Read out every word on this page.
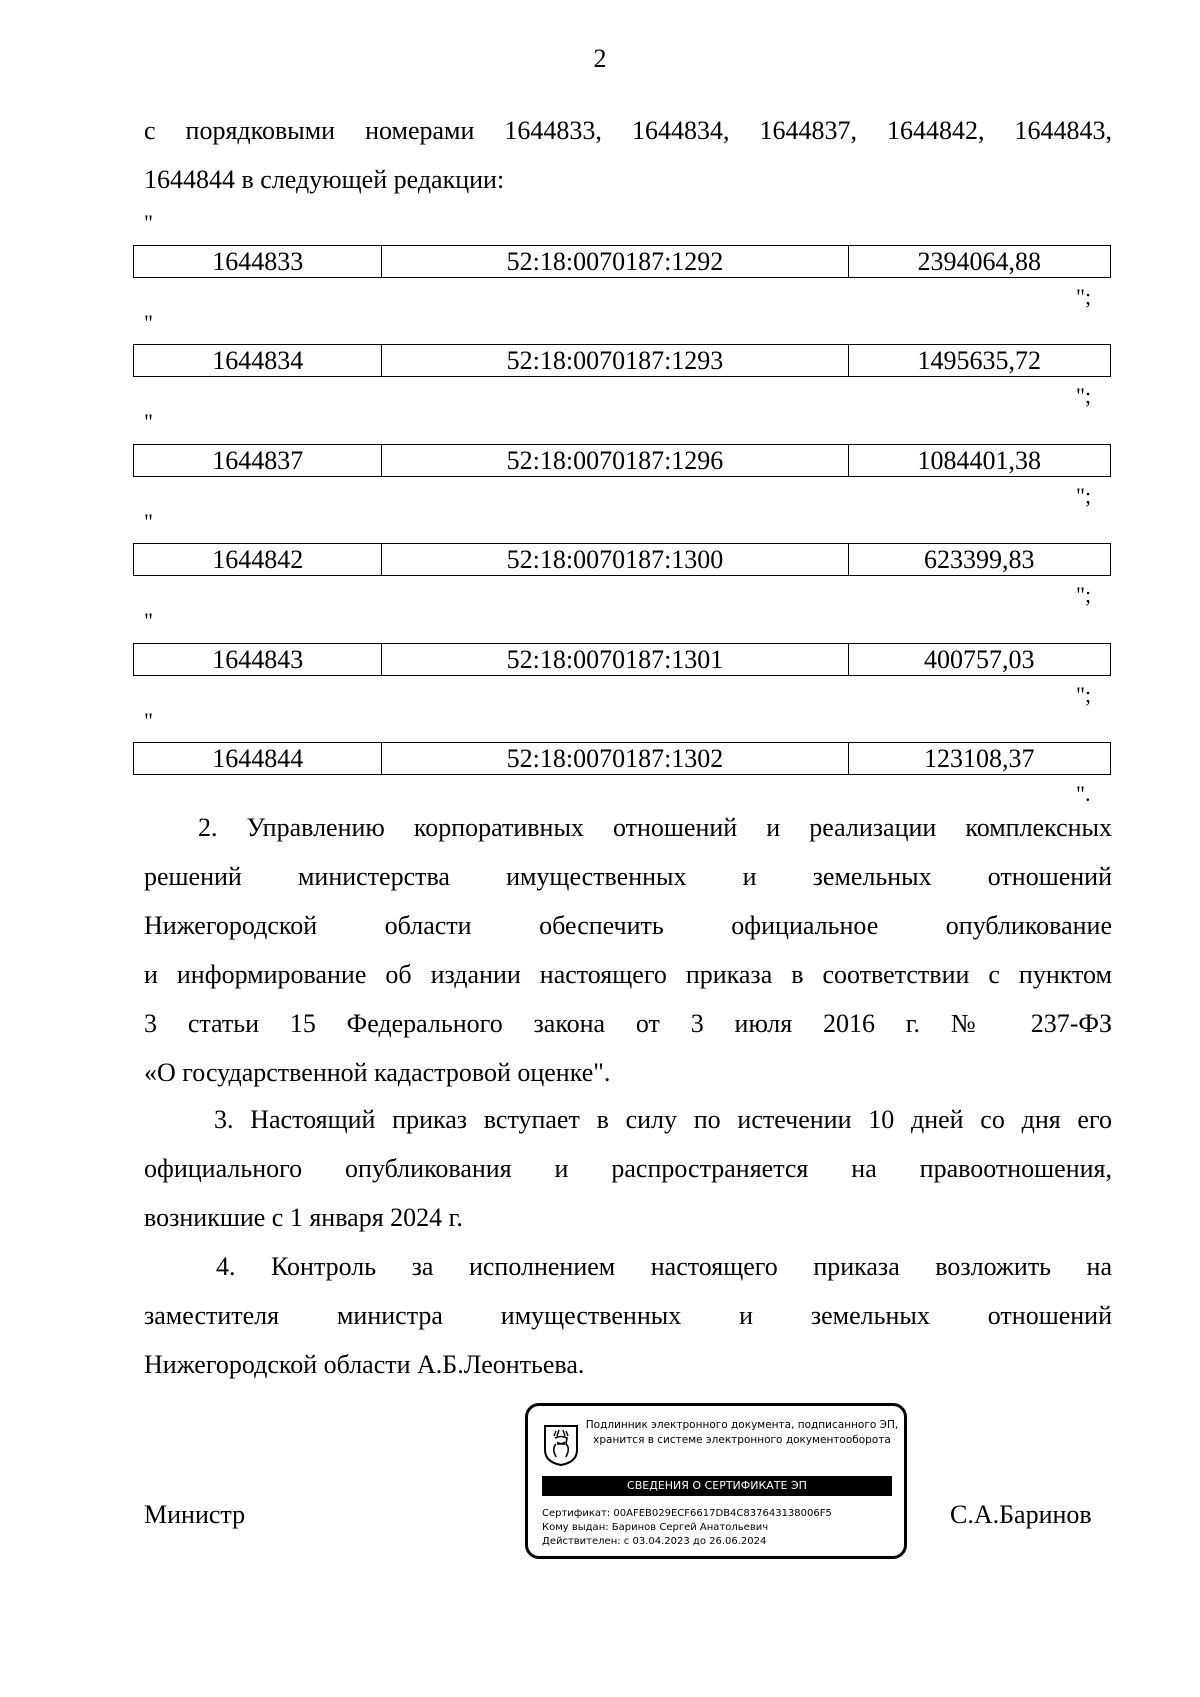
2
с порядковыми номерами 1644833, 1644834, 1644837, 1644842, 1644843,
1644844 в следующей редакции:
"
1644833	52:18:0070187:1292	2394064,88
";
"
1644834	52:18:0070187:1293	1495635,72
";
"
1644837	52:18:0070187:1296	1084401,38
";
"
1644842	52:18:0070187:1300	623399,83
";
"
1644843	52:18:0070187:1301	400757,03
";
"
1644844	52:18:0070187:1302	123108,37
".
2. Управлению корпоративных отношений и реализации комплексных
решений министерства имущественных и земельных отношений
Нижегородской области обеспечить официальное опубликование
и информирование об издании настоящего приказа в соответствии с пунктом
3 статьи 15 Федерального закона от 3 июля 2016 г. № 237-ФЗ
«О государственной кадастровой оценке".
3. Настоящий приказ вступает в силу по истечении 10 дней со дня его
официального опубликования и распространяется на правоотношения,
возникшие с 1 января 2024 г.
4. Контроль за исполнением настоящего приказа возложить на
заместителя министра имущественных и земельных отношений
Нижегородской области А.Б.Леонтьева.
Министр	С.А.Баринов
Подлинник электронного документа, подписанного ЭП,
хранится в системе электронного документооборота
СВЕДЕНИЯ О СЕРТИФИКАТЕ ЭП
Сертификат: 00AFEB029ECF6617DB4C837643138006F5
Кому выдан: Баринов Сергей Анатольевич
Действителен: с 03.04.2023 до 26.06.2024
